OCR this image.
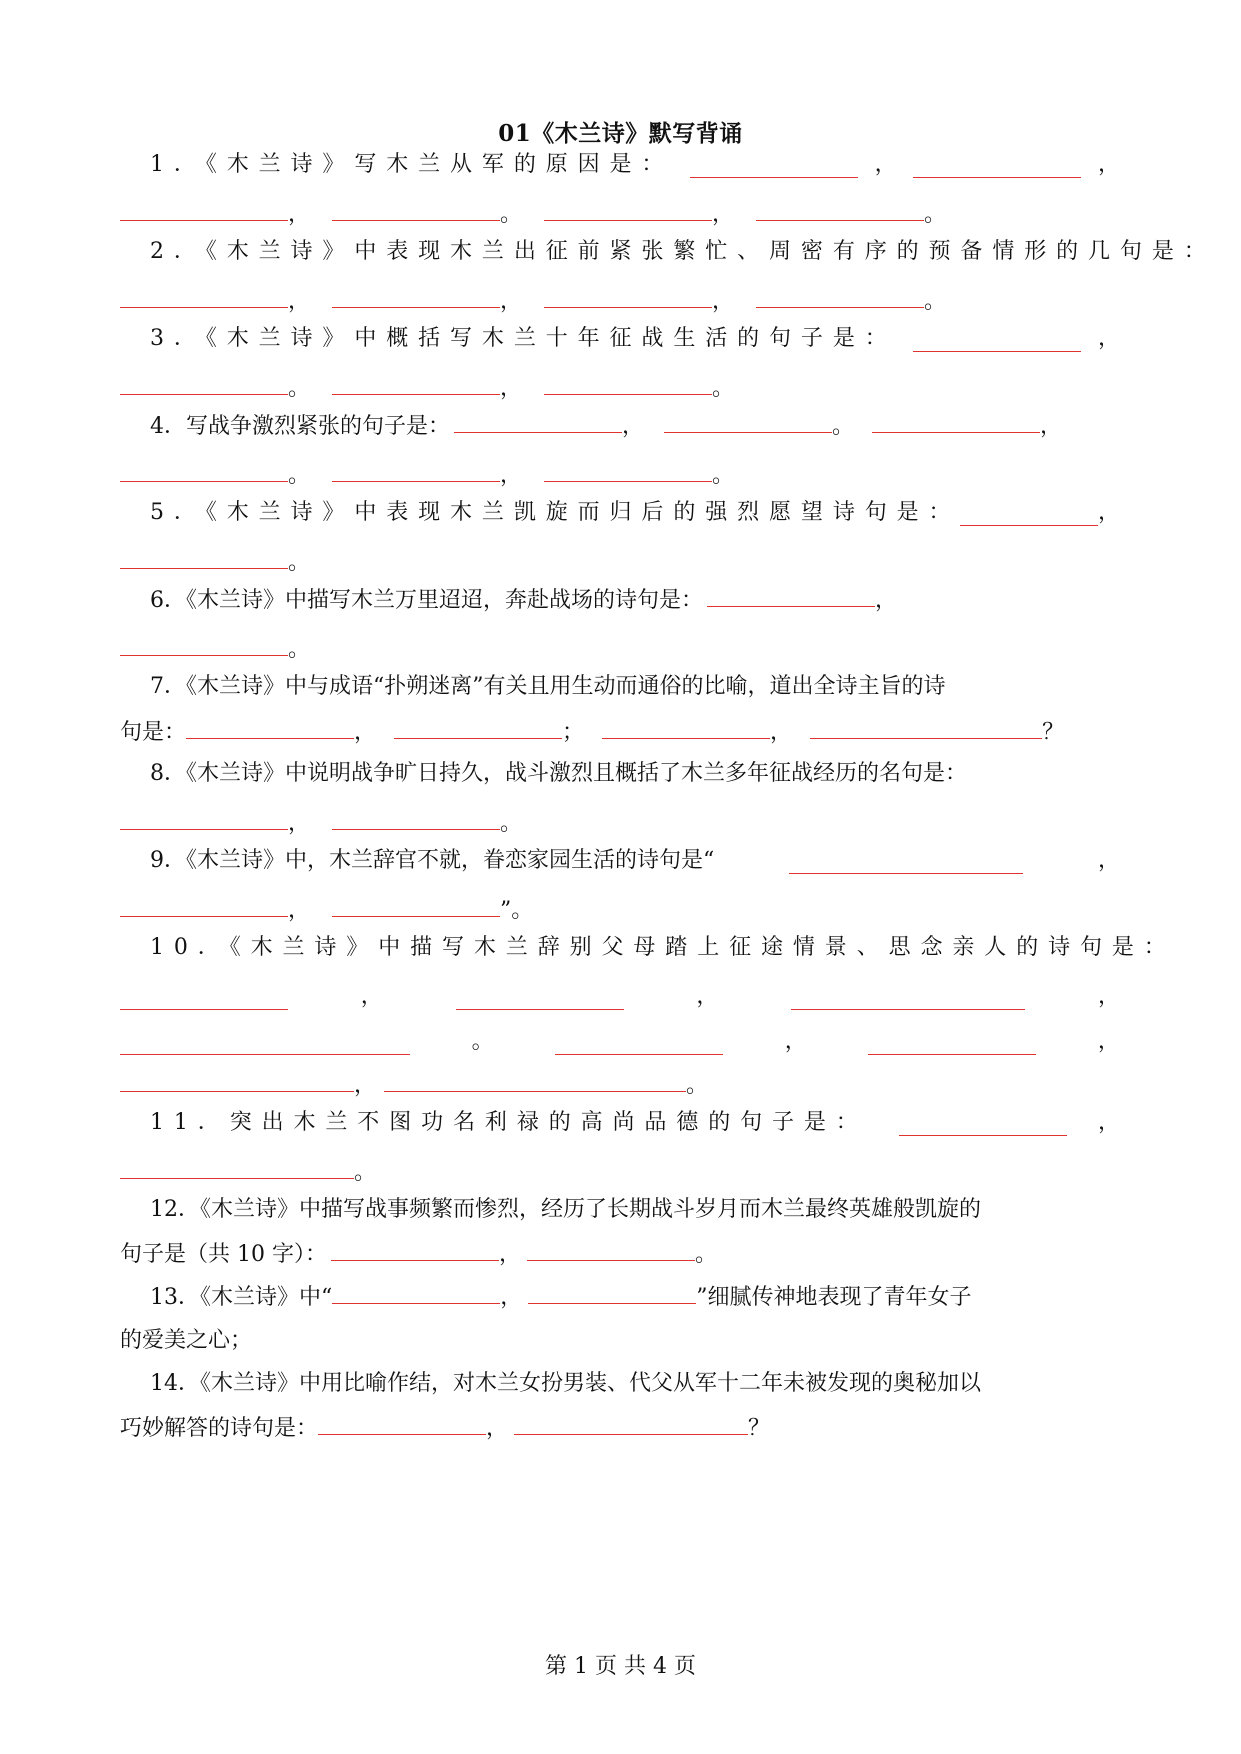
01《木兰诗》默写背诵
1．《木兰诗》写木兰从军的原因是：	，	，
，	。	，	。
2．《木兰诗》中表现木兰出征前紧张繁忙、周密有序的预备情形的几句是：
，	，	，	。
3．《木兰诗》中概括写木兰十年征战生活的句子是：	，
。	，	。
4．写战争激烈紧张的句子是：	，	。	，
。	，	。
5．《木兰诗》中表现木兰凯旋而归后的强烈愿望诗句是：	，
。
6．《木兰诗》中描写木兰万里迢迢，奔赴战场的诗句是：	，
。
7．《木兰诗》中与成语“扑朔迷离”有关且用生动而通俗的比喻，道出全诗主旨的诗
句是：	，	；	，	？
8．《木兰诗》中说明战争旷日持久，战斗激烈且概括了木兰多年征战经历的名句是：
，	。
9．《木兰诗》中，木兰辞官不就，眷恋家园生活的诗句是“	，
，	”。
10．《木兰诗》中描写木兰辞别父母踏上征途情景、思念亲人的诗句是：
，	，	，
。	，	，
，	。
11．突出木兰不图功名利禄的高尚品德的句子是：	，
。
12．《木兰诗》中描写战事频繁而惨烈，经历了长期战斗岁月而木兰最终英雄般凯旋的
句子是（共 10 字）：	，	。
13．《木兰诗》中“	，	”细腻传神地表现了青年女子
的爱美之心；
14．《木兰诗》中用比喻作结，对木兰女扮男装、代父从军十二年未被发现的奥秘加以
巧妙解答的诗句是：	，	？
第 1 页 共 4 页
